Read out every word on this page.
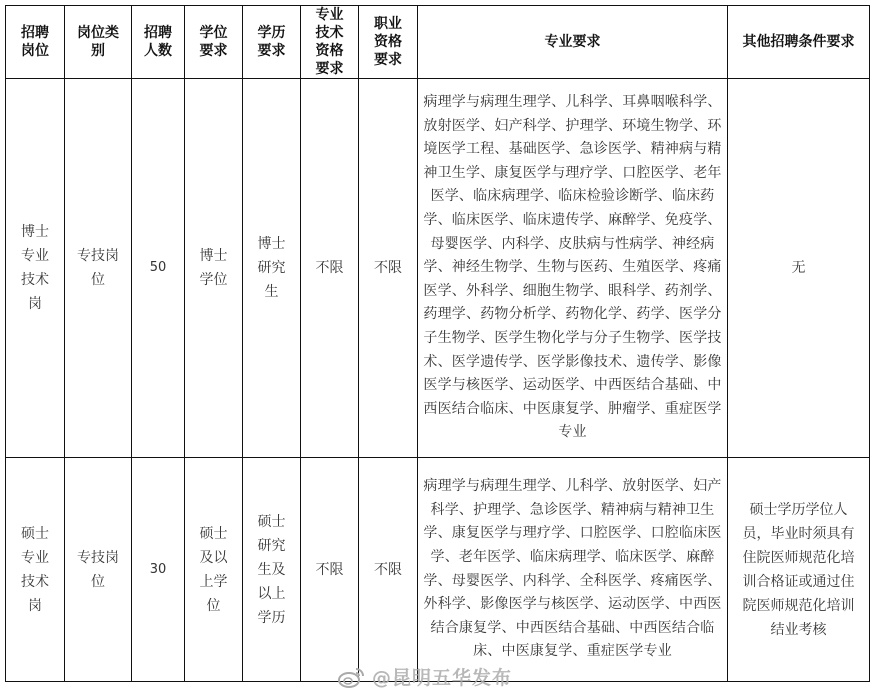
招聘岗位	岗位类别	招聘人数	学位要求	学历要求	专业技术资格要求	职业资格要求	专业要求	其他招聘条件要求
博士专业技术岗	专技岗位	50	博士学位	博士研究生	不限	不限	病理学与病理生理学、儿科学、耳鼻咽喉科学、放射医学、妇产科学、护理学、环境生物学、环境医学工程、基础医学、急诊医学、精神病与精神卫生学、康复医学与理疗学、口腔医学、老年医学、临床病理学、临床检验诊断学、临床药学、临床医学、临床遗传学、麻醉学、免疫学、母婴医学、内科学、皮肤病与性病学、神经病学、神经生物学、生物与医药、生殖医学、疼痛医学、外科学、细胞生物学、眼科学、药剂学、药理学、药物分析学、药物化学、药学、医学分子生物学、医学生物化学与分子生物学、医学技术、医学遗传学、医学影像技术、遗传学、影像医学与核医学、运动医学、中西医结合基础、中西医结合临床、中医康复学、肿瘤学、重症医学专业	无
硕士专业技术岗	专技岗位	30	硕士及以上学位	硕士研究生及以上学历	不限	不限	病理学与病理生理学、儿科学、放射医学、妇产科学、护理学、急诊医学、精神病与精神卫生学、康复医学与理疗学、口腔医学、口腔临床医学、老年医学、临床病理学、临床医学、麻醉学、母婴医学、内科学、全科医学、疼痛医学、外科学、影像医学与核医学、运动医学、中西医结合康复学、中西医结合基础、中西医结合临床、中医康复学、重症医学专业	硕士学历学位人员，毕业时须具有住院医师规范化培训合格证或通过住院医师规范化培训结业考核
@昆明五华发布
